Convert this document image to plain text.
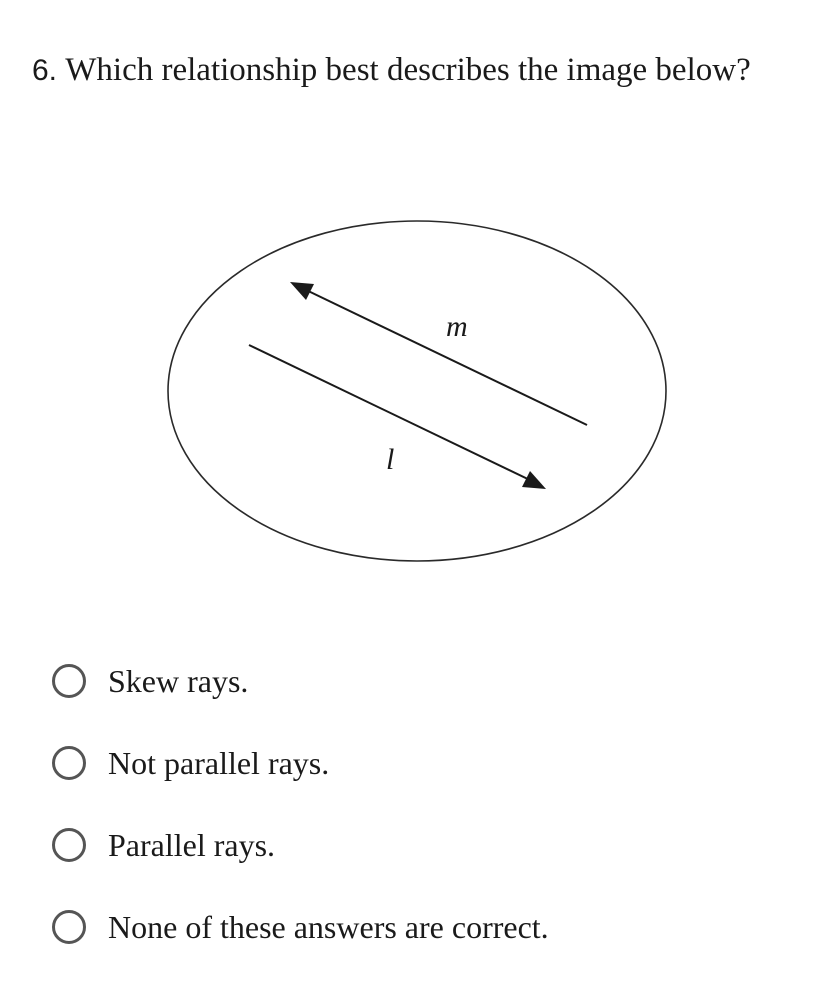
6. Which relationship best describes the image below?
m
l
Skew rays.
Not parallel rays.
Parallel rays.
None of these answers are correct.
